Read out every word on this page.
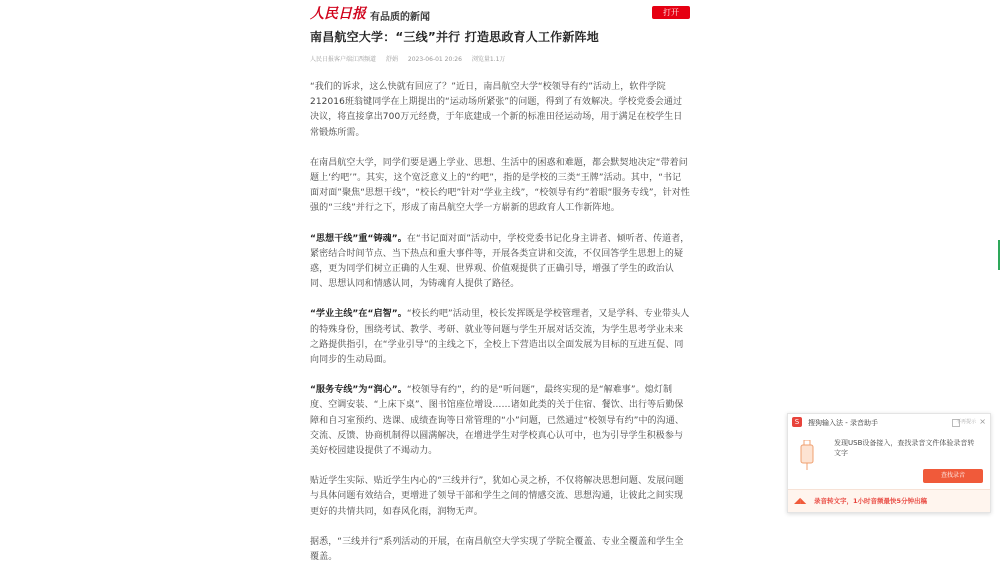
人民日报 有品质的新闻	打开
南昌航空大学：“三线”并行 打造思政育人工作新阵地
人民日报客户端江西频道 舒娟 2023-06-01 20:26 浏览量1.1万

“我们的诉求，这么快就有回应了？”近日，南昌航空大学“校领导有约”活动上，软件学院212016班翁键同学在上期提出的“运动场所紧张”的问题，得到了有效解决。学校党委会通过决议，将直接拿出700万元经费，于年底建成一个新的标准田径运动场，用于满足在校学生日常锻炼所需。

在南昌航空大学，同学们要是遇上学业、思想、生活中的困惑和难题，都会默契地决定“带着问题上‘约吧’”。其实，这个宽泛意义上的“约吧”，指的是学校的三类“王牌”活动。其中，“书记面对面”聚焦“思想干线”，“校长约吧”针对“学业主线”，“校领导有约”着眼“服务专线”，针对性强的“三线”并行之下，形成了南昌航空大学一方崭新的思政育人工作新阵地。

“思想干线”重“铸魂”。在“书记面对面”活动中，学校党委书记化身主讲者、倾听者、传道者，紧密结合时间节点、当下热点和重大事件等，开展各类宣讲和交流，不仅回答学生思想上的疑惑，更为同学们树立正确的人生观、世界观、价值观提供了正确引导，增强了学生的政治认同、思想认同和情感认同，为铸魂育人提供了路径。

“学业主线”在“启智”。“校长约吧”活动里，校长发挥既是学校管理者，又是学科、专业带头人的特殊身份，围绕考试、教学、考研、就业等问题与学生开展对话交流，为学生思考学业未来之路提供指引，在“学业引导”的主线之下，全校上下营造出以全面发展为目标的互进互促、同向同步的生动局面。

“服务专线”为“润心”。“校领导有约”，约的是“听问题”，最终实现的是“解难事”。熄灯制度、空调安装、“上床下桌”、图书馆座位增设……诸如此类的关于住宿、餐饮、出行等后勤保障和自习室预约、选课、成绩查询等日常管理的“小”问题，已然通过“校领导有约”中的沟通、交流、反馈、协商机制得以圆满解决，在增进学生对学校真心认可中，也为引导学生积极参与美好校园建设提供了不竭动力。

贴近学生实际、贴近学生内心的“三线并行”，犹如心灵之桥，不仅将解决思想问题、发展问题与具体问题有效结合，更增进了领导干部和学生之间的情感交流、思想沟通，让彼此之间实现更好的共情共同，如春风化雨，润物无声。

据悉，“三线并行”系列活动的开展，在南昌航空大学实现了学院全覆盖、专业全覆盖和学生全覆盖。

S	搜狗输入法 - 录音助手	不再提示 ×
发现USB设备接入，查找录音文件体验录音转文字
查找录音
◢◣ 录音转文字，1小时音频最快5分钟出稿
